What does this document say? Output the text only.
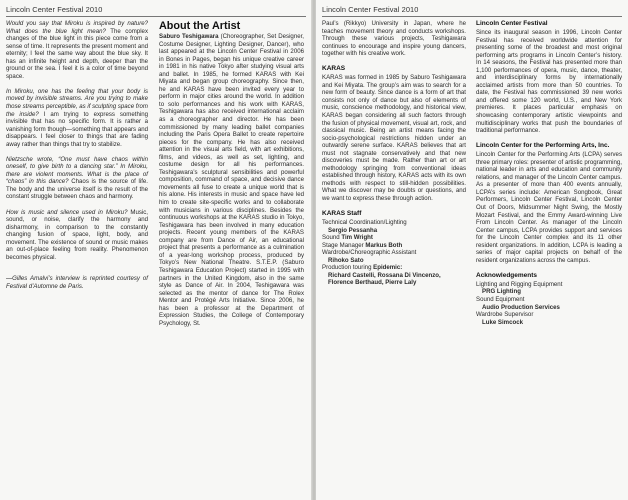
Lincoln Center Festival 2010

Would you say that Miroku is inspired by nature? What does the blue light mean? The complex changes of the blue light in this piece come from a sense of time. It represents the present moment and eternity; I feel the same way about the blue sky. It has an infinite height and depth, deeper than the ground or the sea. I feel it is a color of time beyond space.

In Miroku, one has the feeling that your body is moved by invisible streams. Are you trying to make those streams perceptible, as if sculpting space from the inside? I am trying to express something invisible that has no specific form. It is rather a vanishing form though—something that appears and disappears. I feel closer to things that are fading away rather than things that try to stabilize.

Nietzsche wrote, “One must have chaos within oneself, to give birth to a dancing star.” In Miroku, there are violent moments. What is the place of “chaos” in this dance? Chaos is the source of life. The body and the universe itself is the result of the constant struggle between chaos and harmony.

How is music and silence used in Miroku? Music, sound, or noise, clarify the harmony and disharmony, in comparison to the constantly changing fusion of space, light, body, and movement. The existence of sound or music makes an out-of-place feeling from reality. Phenomenon becomes physical.

—Gilles Amalvi’s interview is reprinted courtesy of Festival d’Automne de Paris.

About the Artist

Saburo Teshigawara (Choreographer, Set Designer, Costume Designer, Lighting Designer, Dancer), who last appeared at the Lincoln Center Festival in 2006 in Bones in Pages, began his unique creative career in 1981 in his native Tokyo after studying visual arts and ballet. In 1985, he formed KARAS with Kei Miyata and began group choreography. Since then, he and KARAS have been invited every year to perform in major cities around the world. In addition to solo performances and his work with KARAS, Teshigawara has also received international acclaim as a choreographer and director. He has been commissioned by many leading ballet companies including the Paris Opera Ballet to create repertoire pieces for the company. He has also received attention in the visual arts field, with art exhibitions, films, and videos, as well as set, lighting, and costume design for all his performances. Teshigawara’s sculptural sensibilities and powerful composition, command of space, and decisive dance movements all fuse to create a unique world that is his alone. His interests in music and space have led him to create site-specific works and to collaborate with musicians in various disciplines. Besides the continuous workshops at the KARAS studio in Tokyo, Teshigawara has been involved in many education projects. Recent young members of the KARAS company are from Dance of Air, an educational project that presents a performance as a culmination of a year-long workshop process, produced by Tokyo’s New National Theatre. S.T.E.P. (Saburo Teshigawara Education Project) started in 1995 with partners in the United Kingdom, also in the same style as Dance of Air. In 2004, Teshigawara was selected as the mentor of dance for The Rolex Mentor and Protégé Arts Initiative. Since 2006, he has been a professor at the Department of Expression Studies, the College of Contemporary Psychology, St.

Lincoln Center Festival 2010

Paul’s (Rikkyo) University in Japan, where he teaches movement theory and conducts workshops. Through these various projects, Teshigawara continues to encourage and inspire young dancers, together with his creative work.

KARAS

KARAS was formed in 1985 by Saburo Teshigawara and Kei Miyata. The group’s aim was to search for a new form of beauty. Since dance is a form of art that consists not only of dance but also of elements of music, conscience methodology, and historical view, KARAS began considering all such factors through the fusion of physical movement, visual art, rock, and classical music. Being an artist means facing the socio-psychological restrictions hidden under an outwardly serene surface. KARAS believes that art must not stagnate conservatively and that new discoveries must be made. Rather than art or art methodology springing from conventional ideas established through history, KARAS acts with its own methods with respect to still-hidden possibilities. What we discover may be doubts or questions, and we want to express these through action.

KARAS Staff
Technical Coordination/Lighting
Sergio Pessanha
Sound Tim Wright
Stage Manager Markus Both
Wardrobe/Choreographic Assistant
Rihoko Sato
Production touring Epidemic:
Richard Castelli, Rossana Di Vincenzo, Florence Berthaud, Pierre Laly
Lincoln Center Festival

Since its inaugural season in 1996, Lincoln Center Festival has received worldwide attention for presenting some of the broadest and most original performing arts programs in Lincoln Center’s history. In 14 seasons, the Festival has presented more than 1,100 performances of opera, music, dance, theater, and interdisciplinary forms by internationally acclaimed artists from more than 50 countries. To date, the Festival has commissioned 39 new works and offered some 120 world, U.S., and New York premieres. It places particular emphasis on showcasing contemporary artistic viewpoints and multidisciplinary works that push the boundaries of traditional performance.

Lincoln Center for the Performing Arts, Inc.

Lincoln Center for the Performing Arts (LCPA) serves three primary roles: presenter of artistic programming, national leader in arts and education and community relations, and manager of the Lincoln Center campus. As a presenter of more than 400 events annually, LCPA’s series include: American Songbook, Great Performers, Lincoln Center Festival, Lincoln Center Out of Doors, Midsummer Night Swing, the Mostly Mozart Festival, and the Emmy Award-winning Live From Lincoln Center. As manager of the Lincoln Center campus, LCPA provides support and services for the Lincoln Center complex and its 11 other resident organizations. In addition, LCPA is leading a series of major capital projects on behalf of the resident organizations across the campus.

Acknowledgements
Lighting and Rigging Equipment
PRG Lighting
Sound Equipment
Audio Production Services
Wardrobe Supervisor
Luke Simcock
